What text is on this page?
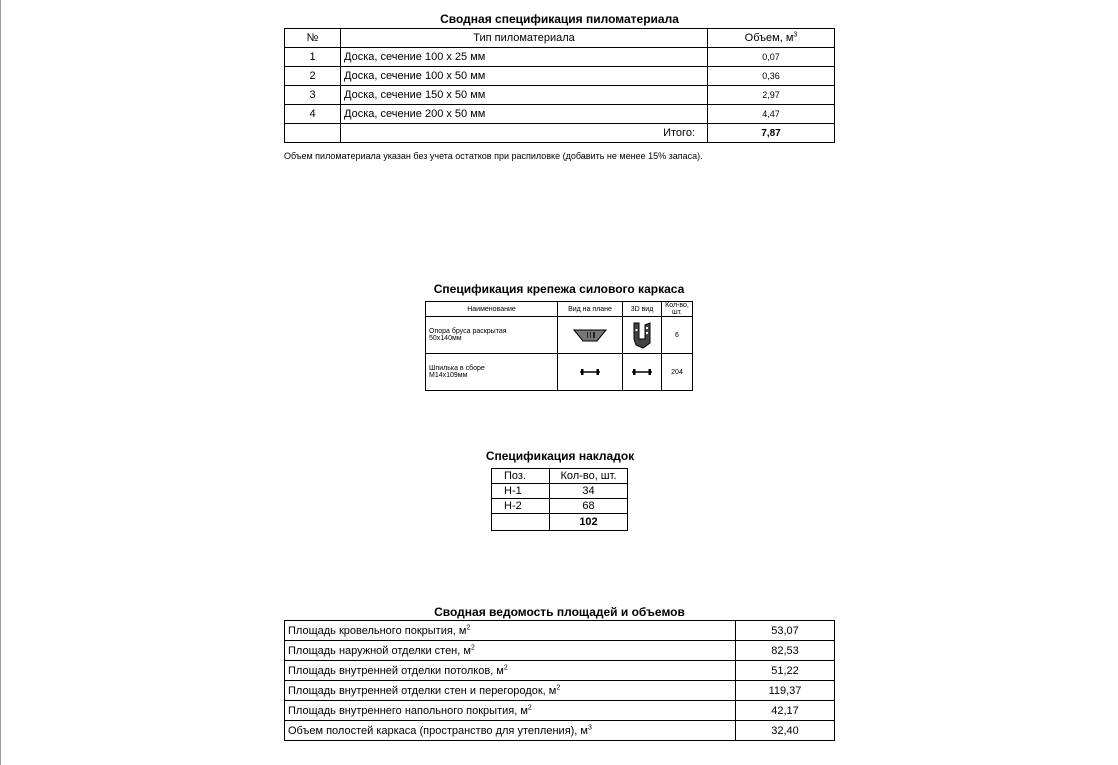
Сводная спецификация пиломатериала
№	Тип пиломатериала	Объем, $м^3$
1	Доска, сечение 100 х 25 мм	0,07
2	Доска, сечение 100 х 50 мм	0,36
3	Доска, сечение 150 х 50 мм	2,97
4	Доска, сечение 200 х 50 мм	4,47
	Итого:	7,87
Объем пиломатериала указан без учета остатков при распиловке (добавить не менее 15% запаса).
Спецификация крепежа силового каркаса
Наименование	Вид на плане	3D вид	Кол-во, шт.

Опора бруса раскрытая
50х140мм			6

Шпилька в сборе
М14х109мм			204
Спецификация накладок
Поз.	Кол-во, шт.
Н-1	34
Н-2	68
	102
Сводная ведомость площадей и объемов
Площадь кровельного покрытия, $м^2$	53,07
Площадь наружной отделки стен, $м^2$	82,53
Площадь внутренней отделки потолков, $м^2$	51,22
Площадь внутренней отделки стен и перегородок, $м^2$	119,37
Площадь внутреннего напольного покрытия, $м^2$	42,17
Объем полостей каркаса (пространство для утепления), $м^3$	32,40
